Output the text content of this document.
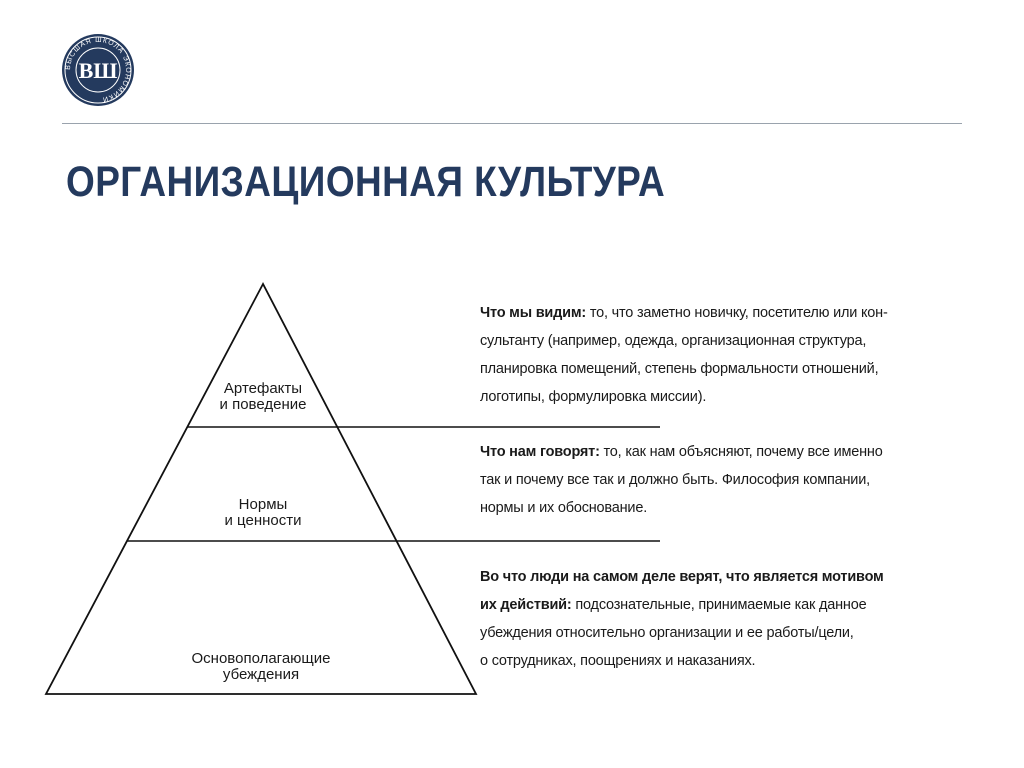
ВЫСШАЯ ШКОЛА ЭКОНОМИКИ
ВШ
ОРГАНИЗАЦИОННАЯ КУЛЬТУРА
Артефакты
и поведение
Нормы
и ценности
Основополагающие
убеждения
Что мы видим: то, что заметно новичку, посетителю или кон-
сультанту (например, одежда, организационная структура,
планировка помещений, степень формальности отношений,
логотипы, формулировка миссии).
Что нам говорят: то, как нам объясняют, почему все именно
так и почему все так и должно быть. Философия компании,
нормы и их обоснование.
Во что люди на самом деле верят, что является мотивом
их действий: подсознательные, принимаемые как данное
убеждения относительно организации и ее работы/цели,
о сотрудниках, поощрениях и наказаниях.
